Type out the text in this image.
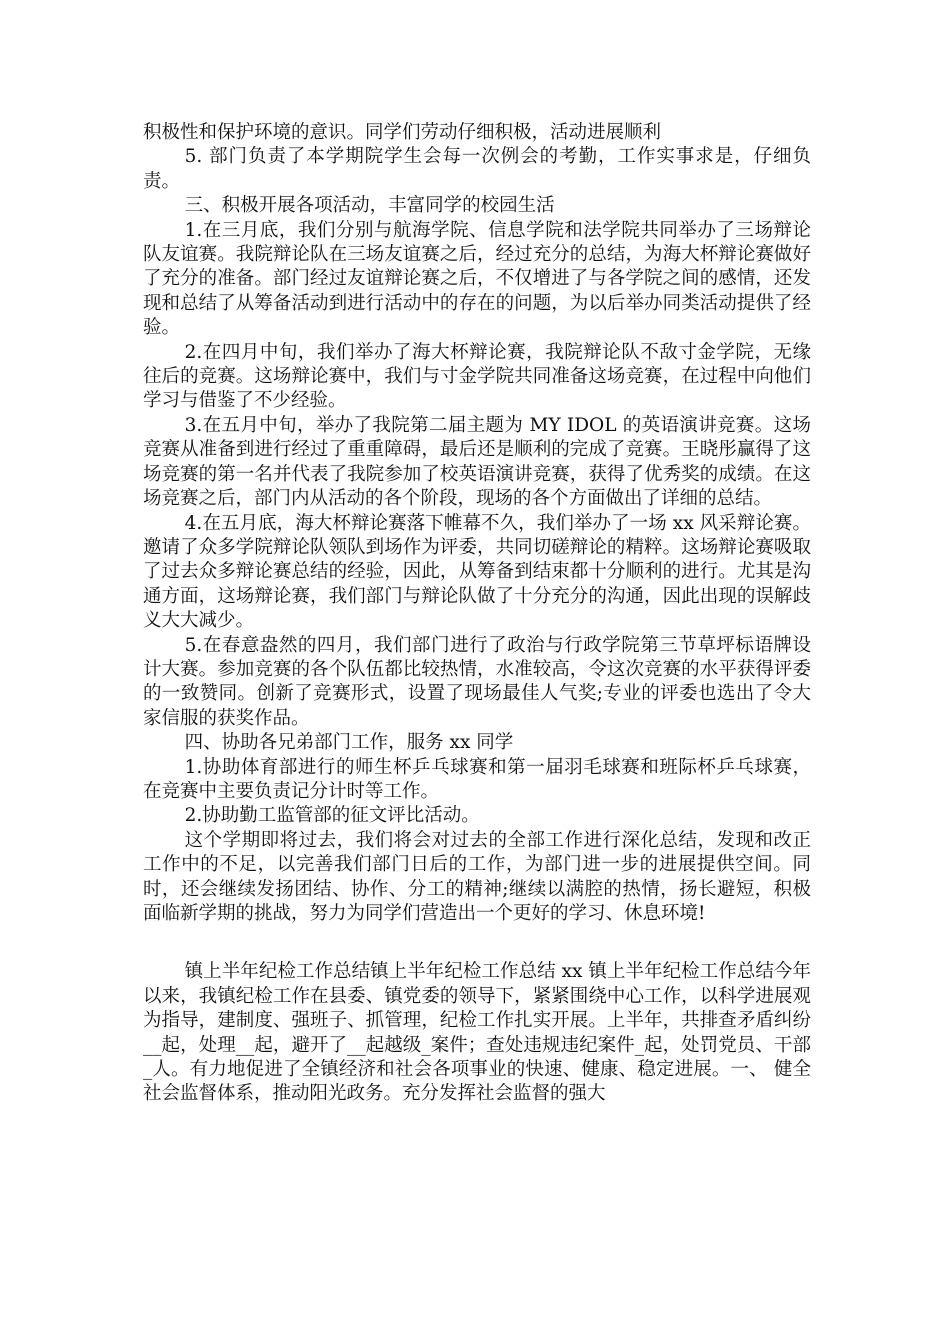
积极性和保护环境的意识。同学们劳动仔细积极，活动进展顺利

5. 部门负责了本学期院学生会每一次例会的考勤，工作实事求是，仔细负责。

三、积极开展各项活动，丰富同学的校园生活

1.在三月底，我们分别与航海学院、信息学院和法学院共同举办了三场辩论队友谊赛。我院辩论队在三场友谊赛之后，经过充分的总结，为海大杯辩论赛做好了充分的准备。部门经过友谊辩论赛之后，不仅增进了与各学院之间的感情，还发现和总结了从筹备活动到进行活动中的存在的问题，为以后举办同类活动提供了经验。

2.在四月中旬，我们举办了海大杯辩论赛，我院辩论队不敌寸金学院，无缘往后的竞赛。这场辩论赛中，我们与寸金学院共同准备这场竞赛，在过程中向他们学习与借鉴了不少经验。

3.在五月中旬，举办了我院第二届主题为 MY IDOL 的英语演讲竞赛。这场竞赛从准备到进行经过了重重障碍，最后还是顺利的完成了竞赛。王晓彤赢得了这场竞赛的第一名并代表了我院参加了校英语演讲竞赛，获得了优秀奖的成绩。在这场竞赛之后，部门内从活动的各个阶段，现场的各个方面做出了详细的总结。

4.在五月底，海大杯辩论赛落下帷幕不久，我们举办了一场 xx 风采辩论赛。邀请了众多学院辩论队领队到场作为评委，共同切磋辩论的精粹。这场辩论赛吸取了过去众多辩论赛总结的经验，因此，从筹备到结束都十分顺利的进行。尤其是沟通方面，这场辩论赛，我们部门与辩论队做了十分充分的沟通，因此出现的误解歧义大大减少。

5.在春意盎然的四月，我们部门进行了政治与行政学院第三节草坪标语牌设计大赛。参加竞赛的各个队伍都比较热情，水准较高，令这次竞赛的水平获得评委的一致赞同。创新了竞赛形式，设置了现场最佳人气奖;专业的评委也选出了令大家信服的获奖作品。

四、协助各兄弟部门工作，服务 xx 同学

1.协助体育部进行的师生杯乒乓球赛和第一届羽毛球赛和班际杯乒乓球赛，在竞赛中主要负责记分计时等工作。

2.协助勤工监管部的征文评比活动。

这个学期即将过去，我们将会对过去的全部工作进行深化总结，发现和改正工作中的不足，以完善我们部门日后的工作，为部门进一步的进展提供空间。同时，还会继续发扬团结、协作、分工的精神;继续以满腔的热情，扬长避短，积极面临新学期的挑战，努力为同学们营造出一个更好的学习、休息环境!

镇上半年纪检工作总结镇上半年纪检工作总结 xx 镇上半年纪检工作总结今年以来，我镇纪检工作在县委、镇党委的领导下，紧紧围绕中心工作，以科学进展观为指导，建制度、强班子、抓管理，纪检工作扎实开展。上半年，共排查矛盾纠纷__起，处理__起，避开了__起越级_案件；查处违规违纪案件_起，处罚党员、干部_人。有力地促进了全镇经济和社会各项事业的快速、健康、稳定进展。一、 健全社会监督体系，推动阳光政务。充分发挥社会监督的强大
